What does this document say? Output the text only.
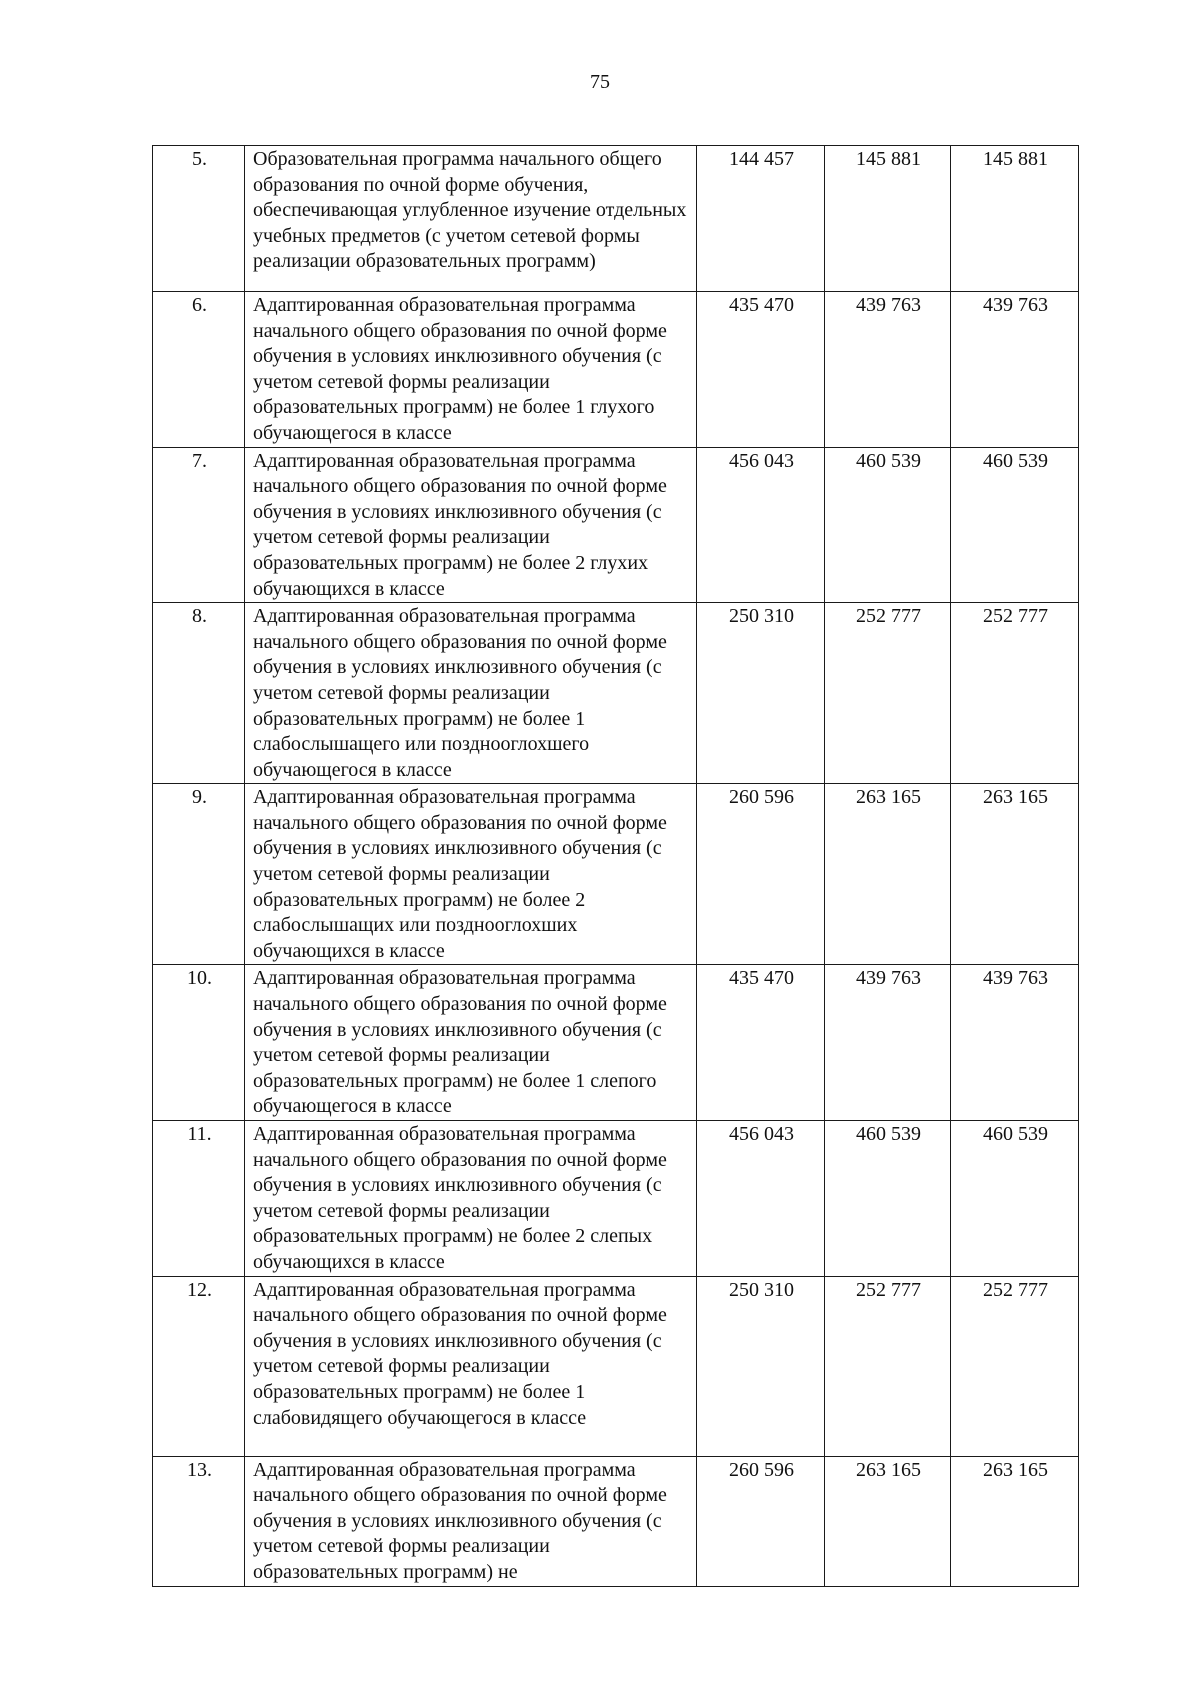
75
5.	Образовательная программа начального общего образования по очной форме обучения, обеспечивающая углубленное изучение отдельных учебных предметов (с учетом сетевой формы реализации образовательных программ)	144 457	145 881	145 881
6.	Адаптированная образовательная программа начального общего образования по очной форме обучения в условиях инклюзивного обучения (с учетом сетевой формы реализации образовательных программ) не более 1 глухого обучающегося в классе	435 470	439 763	439 763
7.	Адаптированная образовательная программа начального общего образования по очной форме обучения в условиях инклюзивного обучения (с учетом сетевой формы реализации образовательных программ) не более 2 глухих обучающихся в классе	456 043	460 539	460 539
8.	Адаптированная образовательная программа начального общего образования по очной форме обучения в условиях инклюзивного обучения (с учетом сетевой формы реализации образовательных программ) не более 1 слабослышащего или позднооглохшего обучающегося в классе	250 310	252 777	252 777
9.	Адаптированная образовательная программа начального общего образования по очной форме обучения в условиях инклюзивного обучения (с учетом сетевой формы реализации образовательных программ) не более 2 слабослышащих или позднооглохших обучающихся в классе	260 596	263 165	263 165
10.	Адаптированная образовательная программа начального общего образования по очной форме обучения в условиях инклюзивного обучения (с учетом сетевой формы реализации образовательных программ) не более 1 слепого обучающегося в классе	435 470	439 763	439 763
11.	Адаптированная образовательная программа начального общего образования по очной форме обучения в условиях инклюзивного обучения (с учетом сетевой формы реализации образовательных программ) не более 2 слепых обучающихся в классе	456 043	460 539	460 539
12.	Адаптированная образовательная программа начального общего образования по очной форме обучения в условиях инклюзивного обучения (с учетом сетевой формы реализации образовательных программ) не более 1 слабовидящего обучающегося в классе	250 310	252 777	252 777
13.	Адаптированная образовательная программа начального общего образования по очной форме обучения в условиях инклюзивного обучения (с учетом сетевой формы реализации образовательных программ) не	260 596	263 165	263 165
